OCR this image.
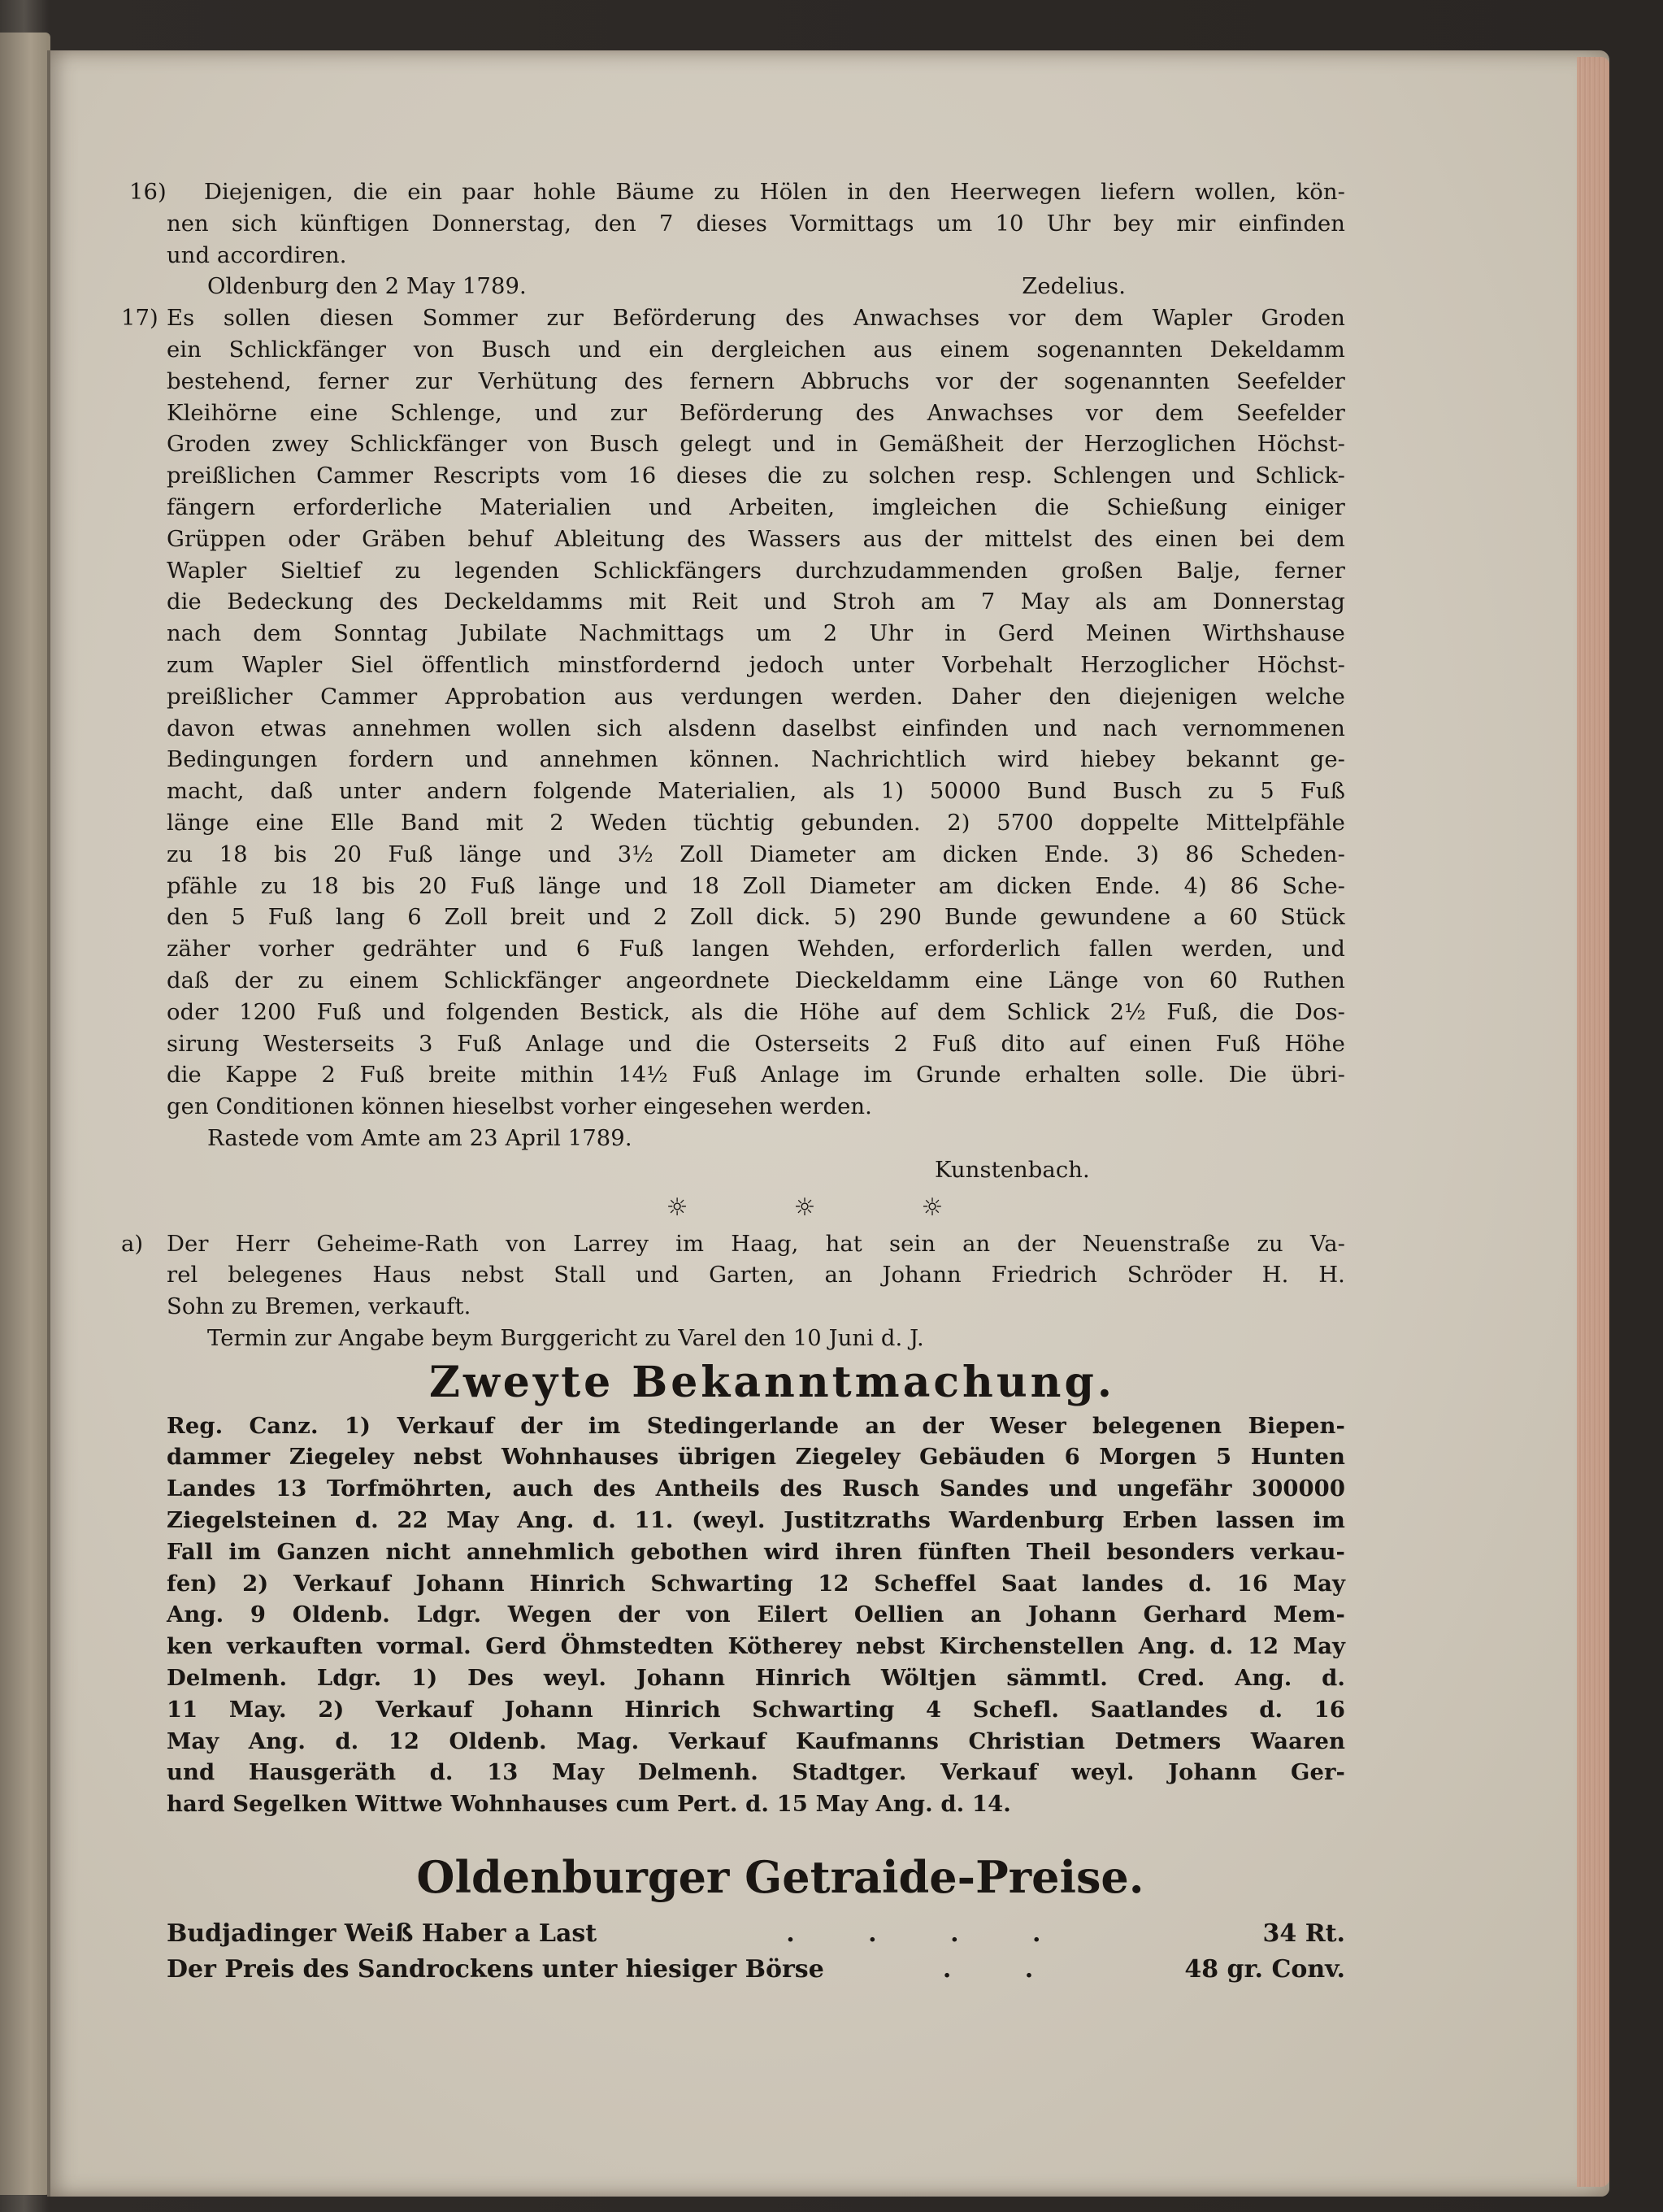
16) Diejenigen, die ein paar hohle Bäume zu Hölen in den Heerwegen liefern wollen, kön-
nen sich künftigen Donnerstag, den 7 dieses Vormittags um 10 Uhr bey mir einfinden
und accordiren.
Oldenburg den 2 May 1789.	Zedelius.
17) Es sollen diesen Sommer zur Beförderung des Anwachses vor dem Wapler Groden
ein Schlickfänger von Busch und ein dergleichen aus einem sogenannten Dekeldamm
bestehend, ferner zur Verhütung des fernern Abbruchs vor der sogenannten Seefelder
Kleihörne eine Schlenge, und zur Beförderung des Anwachses vor dem Seefelder
Groden zwey Schlickfänger von Busch gelegt und in Gemäßheit der Herzoglichen Höchst-
preißlichen Cammer Rescripts vom 16 dieses die zu solchen resp. Schlengen und Schlick-
fängern erforderliche Materialien und Arbeiten, imgleichen die Schießung einiger
Grüppen oder Gräben behuf Ableitung des Wassers aus der mittelst des einen bei dem
Wapler Sieltief zu legenden Schlickfängers durchzudammenden großen Balje, ferner
die Bedeckung des Deckeldamms mit Reit und Stroh am 7 May als am Donnerstag
nach dem Sonntag Jubilate Nachmittags um 2 Uhr in Gerd Meinen Wirthshause
zum Wapler Siel öffentlich minstfordernd jedoch unter Vorbehalt Herzoglicher Höchst-
preißlicher Cammer Approbation aus verdungen werden. Daher den diejenigen welche
davon etwas annehmen wollen sich alsdenn daselbst einfinden und nach vernommenen
Bedingungen fordern und annehmen können. Nachrichtlich wird hiebey bekannt ge-
macht, daß unter andern folgende Materialien, als 1) 50000 Bund Busch zu 5 Fuß
länge eine Elle Band mit 2 Weden tüchtig gebunden. 2) 5700 doppelte Mittelpfähle
zu 18 bis 20 Fuß länge und 3½ Zoll Diameter am dicken Ende. 3) 86 Scheden-
pfähle zu 18 bis 20 Fuß länge und 18 Zoll Diameter am dicken Ende. 4) 86 Sche-
den 5 Fuß lang 6 Zoll breit und 2 Zoll dick. 5) 290 Bunde gewundene a 60 Stück
zäher vorher gedrähter und 6 Fuß langen Wehden, erforderlich fallen werden, und
daß der zu einem Schlickfänger angeordnete Dieckeldamm eine Länge von 60 Ruthen
oder 1200 Fuß und folgenden Bestick, als die Höhe auf dem Schlick 2½ Fuß, die Dos-
sirung Westerseits 3 Fuß Anlage und die Osterseits 2 Fuß dito auf einen Fuß Höhe
die Kappe 2 Fuß breite mithin 14½ Fuß Anlage im Grunde erhalten solle. Die übri-
gen Conditionen können hieselbst vorher eingesehen werden.
Rastede vom Amte am 23 April 1789.
Kunstenbach.
☼	☼	☼
a) Der Herr Geheime-Rath von Larrey im Haag, hat sein an der Neuenstraße zu Va-
rel belegenes Haus nebst Stall und Garten, an Johann Friedrich Schröder H. H.
Sohn zu Bremen, verkauft.
Termin zur Angabe beym Burggericht zu Varel den 10 Juni d. J.
Zweyte Bekanntmachung.
Reg. Canz. 1) Verkauf der im Stedingerlande an der Weser belegenen Biepen-
dammer Ziegeley nebst Wohnhauses übrigen Ziegeley Gebäuden 6 Morgen 5 Hunten
Landes 13 Torfmöhrten, auch des Antheils des Rusch Sandes und ungefähr 300000
Ziegelsteinen d. 22 May Ang. d. 11. (weyl. Justitzraths Wardenburg Erben lassen im
Fall im Ganzen nicht annehmlich gebothen wird ihren fünften Theil besonders verkau-
fen) 2) Verkauf Johann Hinrich Schwarting 12 Scheffel Saat landes d. 16 May
Ang. 9 Oldenb. Ldgr. Wegen der von Eilert Oellien an Johann Gerhard Mem-
ken verkauften vormal. Gerd Öhmstedten Kötherey nebst Kirchenstellen Ang. d. 12 May
Delmenh. Ldgr. 1) Des weyl. Johann Hinrich Wöltjen sämmtl. Cred. Ang. d.
11 May. 2) Verkauf Johann Hinrich Schwarting 4 Schefl. Saatlandes d. 16
May Ang. d. 12 Oldenb. Mag. Verkauf Kaufmanns Christian Detmers Waaren
und Hausgeräth d. 13 May Delmenh. Stadtger. Verkauf weyl. Johann Ger-
hard Segelken Wittwe Wohnhauses cum Pert. d. 15 May Ang. d. 14.
Oldenburger Getraide-Preise.
Budjadinger Weiß Haber a Last	. . . .	34 Rt.
Der Preis des Sandrockens unter hiesiger Börse	. .	48 gr. Conv.
